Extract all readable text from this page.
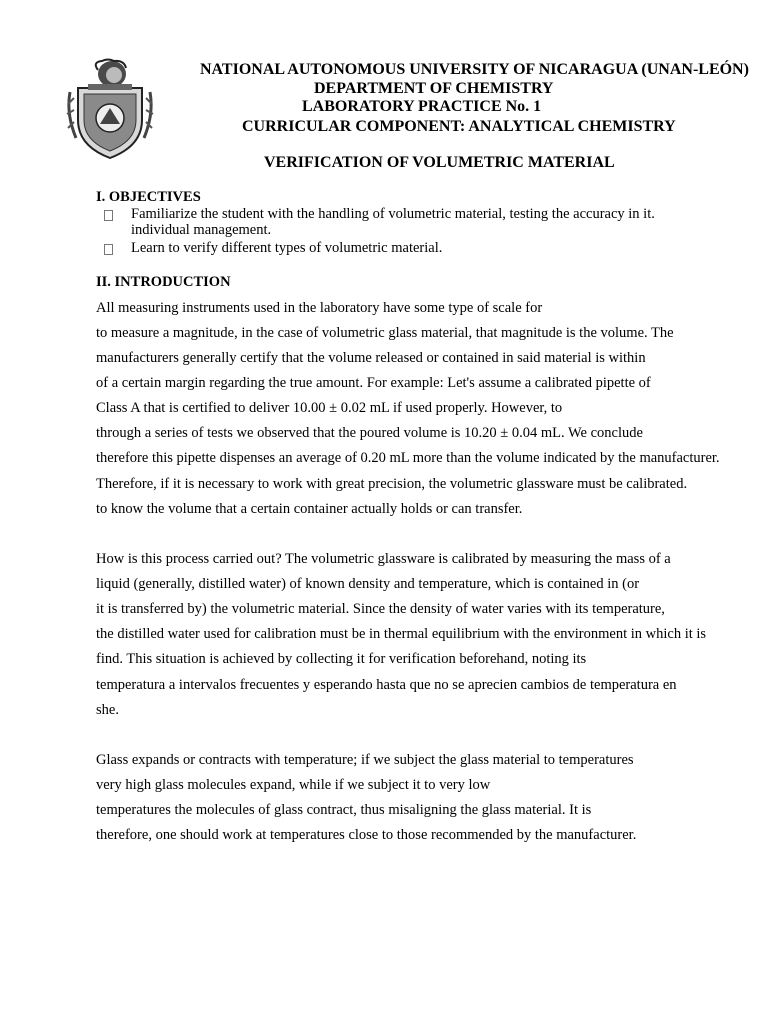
NATIONAL AUTONOMOUS UNIVERSITY OF NICARAGUA (UNAN-LEÓN)
DEPARTMENT OF CHEMISTRY
LABORATORY PRACTICE No. 1
CURRICULAR COMPONENT: ANALYTICAL CHEMISTRY
VERIFICATION OF VOLUMETRIC MATERIAL
I. OBJECTIVES
Familiarize the student with the handling of volumetric material, testing the accuracy in it.
individual management.
Learn to verify different types of volumetric material.
II. INTRODUCTION
All measuring instruments used in the laboratory have some type of scale for
to measure a magnitude, in the case of volumetric glass material, that magnitude is the volume. The
manufacturers generally certify that the volume released or contained in said material is within
of a certain margin regarding the true amount. For example: Let's assume a calibrated pipette of
Class A that is certified to deliver 10.00 ± 0.02 mL if used properly. However, to
through a series of tests we observed that the poured volume is 10.20 ± 0.04 mL. We conclude
therefore this pipette dispenses an average of 0.20 mL more than the volume indicated by the manufacturer.
Therefore, if it is necessary to work with great precision, the volumetric glassware must be calibrated.
to know the volume that a certain container actually holds or can transfer.
How is this process carried out? The volumetric glassware is calibrated by measuring the mass of a
liquid (generally, distilled water) of known density and temperature, which is contained in (or
it is transferred by) the volumetric material. Since the density of water varies with its temperature,
the distilled water used for calibration must be in thermal equilibrium with the environment in which it is
find. This situation is achieved by collecting it for verification beforehand, noting its
temperatura a intervalos frecuentes y esperando hasta que no se aprecien cambios de temperatura en
she.
Glass expands or contracts with temperature; if we subject the glass material to temperatures
very high glass molecules expand, while if we subject it to very low
temperatures the molecules of glass contract, thus misaligning the glass material. It is
therefore, one should work at temperatures close to those recommended by the manufacturer.
